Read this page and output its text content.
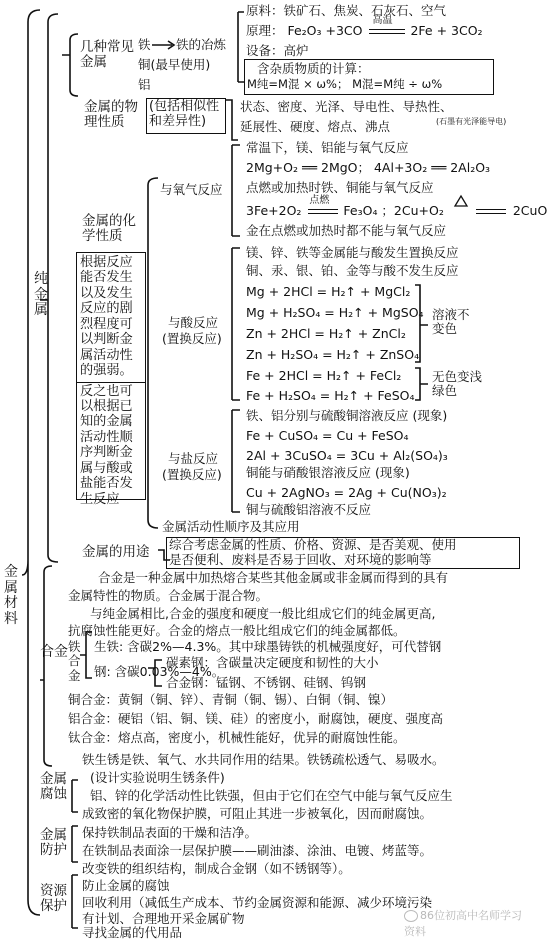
金属材料
纯金属
几种常见金属
铁
铜(最早使用)
铝
铁的冶炼
原料：铁矿石、焦炭、石灰石、空气
原理： Fe₂O₃ +3CO
高温
2Fe + 3CO₂
设备：高炉
含杂质物质的计算：
M纯=M混 × ω%； M混=M纯 ÷ ω%
金属的物理性质
(包括相似性和差异性)
状态、密度、光泽、导电性、导热性、
延展性、硬度、熔点、沸点	(石墨有光泽能导电)
金属的化学性质
根据反应能否发生以及发生反应的剧烈程度可以判断金属活动性的强弱。
反之也可以根据已知的金属活动性顺序判断金属与酸或盐能否发生反应
与氧气反应
常温下，镁、铝能与氧气反应
2Mg+O₂ ══ 2MgO； 4Al+3O₂ ══ 2Al₂O₃
点燃或加热时铁、铜能与氧气反应
3Fe+2O₂
点燃
Fe₃O₄ ；2Cu+O₂	2CuO
金在点燃或加热时都不能与氧气反应
与酸反应
(置换反应)
镁、锌、铁等金属能与酸发生置换反应
铜、汞、银、铂、金等与酸不发生反应
Mg + 2HCl = H₂↑ + MgCl₂
Mg + H₂SO₄ = H₂↑ + MgSO₄
Zn + 2HCl = H₂↑ + ZnCl₂
Zn + H₂SO₄ = H₂↑ + ZnSO₄
Fe + 2HCl = H₂↑ + FeCl₂
Fe + H₂SO₄ = H₂↑ + FeSO₄
溶液不变色
无色变浅绿色
与盐反应
(置换反应)
铁、铝分别与硫酸铜溶液反应 (现象)
Fe + CuSO₄ = Cu + FeSO₄
2Al + 3CuSO₄ = 3Cu + Al₂(SO₄)₃
铜能与硝酸银溶液反应 (现象)
Cu + 2AgNO₃ = 2Ag + Cu(NO₃)₂
铜与硫酸铝溶液不反应
金属活动性顺序及其应用
金属的用途 综合考虑金属的性质、价格、资源、是否美观、使用
是否便利、废料是否易于回收、对环境的影响等
合金
合金是一种金属中加热熔合某些其他金属或非金属而得到的具有
金属特性的物质。合金属于混合物。
与纯金属相比,合金的强度和硬度一般比组成它们的纯金属更高,
抗腐蚀性能更好。合金的熔点一般比组成它们的纯金属都低。
铁合金
生铁: 含碳2%—4.3%。其中球墨铸铁的机械强度好，可代替钢
钢: 含碳0.03%—4%。
碳素钢：含碳量决定硬度和韧性的大小
合金钢：锰钢、不锈钢、硅钢、钨钢
铜合金：黄铜（铜、锌）、青铜（铜、锡）、白铜（铜、镍）
铝合金：硬铝（铝、铜、镁、硅）的密度小，耐腐蚀，硬度、强度高
钛合金：熔点高，密度小，机械性能好，优异的耐腐蚀性能。
金属腐蚀
铁生锈是铁、氧气、水共同作用的结果。铁锈疏松透气、易吸水。
(设计实验说明生锈条件)
铝、锌的化学活动性比铁强，但由于它们在空气中能与氧气反应生
成致密的氧化物保护膜，可阻止其进一步被氧化，因而耐腐蚀。
金属防护
保持铁制品表面的干燥和洁净。
在铁制品表面涂一层保护膜——刷油漆、涂油、电镀、烤蓝等。
改变铁的组织结构，制成合金钢（如不锈钢等）。
资源保护
防止金属的腐蚀
回收利用（减低生产成本、节约金属资源和能源、减少环境污染
有计划、合理地开采金属矿物
寻找金属的代用品
86位初高中名师学习资料
